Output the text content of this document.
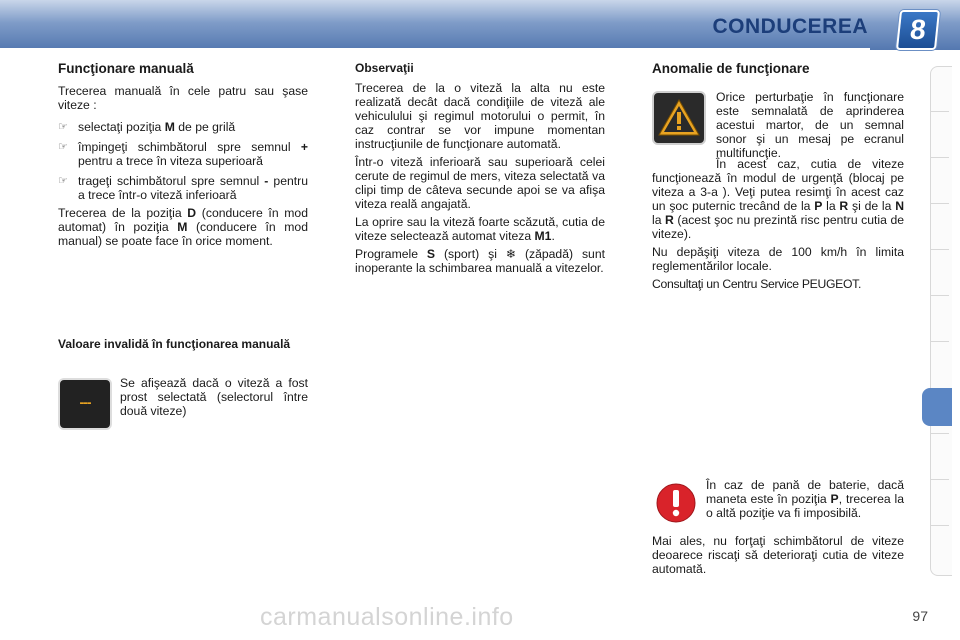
CONDUCEREA	8

Funcţionare manuală

Trecerea manuală în cele patru sau şase viteze :

☞ selectaţi poziţia M de pe grilă
☞ împingeţi schimbătorul spre semnul + pentru a trece în viteza superioară
☞ trageţi schimbătorul spre semnul - pentru a trece într-o viteză inferioară

Trecerea de la poziţia D (conducere în mod automat) în poziţia M (conducere în mod manual) se poate face în orice moment.

Valoare invalidă în funcţionarea manuală

---

Se afişează dacă o viteză a fost prost selectată (selectorul între două viteze)

Observaţii

Trecerea de la o viteză la alta nu este realizată decât dacă condiţiile de viteză ale vehiculului şi regimul motorului o permit, în caz contrar se vor impune momentan instrucţiunile de funcţionare automată.

Într-o viteză inferioară sau superioară celei cerute de regimul de mers, viteza selectată va clipi timp de câteva secunde apoi se va afişa viteza reală angajată.

La oprire sau la viteză foarte scăzută, cutia de viteze selectează automat viteza M1.

Programele S (sport) şi ❄ (zăpadă) sunt inoperante la schimbarea manuală a vitezelor.

Anomalie de funcţionare

Orice perturbaţie în funcţionare este semnalată de aprinderea acestui martor, de un semnal sonor şi un mesaj pe ecranul multifuncţie.

În acest caz, cutia de viteze funcţionează în modul de urgenţă (blocaj pe viteza a 3-a ). Veţi putea resimţi în acest caz un şoc puternic trecând de la P la R şi de la N la R (acest şoc nu prezintă risc pentru cutia de viteze).

Nu depăşiţi viteza de 100 km/h în limita reglementărilor locale.

Consultaţi un Centru Service PEUGEOT.

În caz de pană de baterie, dacă maneta este în poziţia P, trecerea la o altă poziţie va fi imposibilă.

Mai ales, nu forţaţi schimbătorul de viteze deoarece riscaţi să deterioraţi cutia de viteze automată.

carmanualsonline.info	97
